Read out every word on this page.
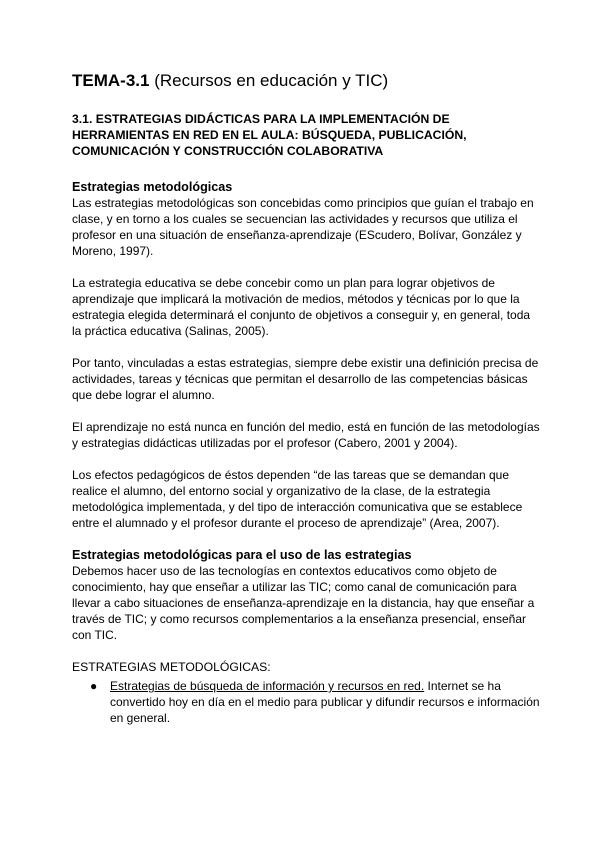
TEMA-3.1 (Recursos en educación y TIC)

3.1. ESTRATEGIAS DIDÁCTICAS PARA LA IMPLEMENTACIÓN DE HERRAMIENTAS EN RED EN EL AULA: BÚSQUEDA, PUBLICACIÓN, COMUNICACIÓN Y CONSTRUCCIÓN COLABORATIVA

Estrategias metodológicas

Las estrategias metodológicas son concebidas como principios que guían el trabajo en clase, y en torno a los cuales se secuencian las actividades y recursos que utiliza el profesor en una situación de enseñanza-aprendizaje (EScudero, Bolívar, González y Moreno, 1997).

La estrategia educativa se debe concebir como un plan para lograr objetivos de aprendizaje que implicará la motivación de medios, métodos y técnicas por lo que la estrategia elegida determinará el conjunto de objetivos a conseguir y, en general, toda la práctica educativa (Salinas, 2005).

Por tanto, vinculadas a estas estrategias, siempre debe existir una definición precisa de actividades, tareas y técnicas que permitan el desarrollo de las competencias básicas que debe lograr el alumno.

El aprendizaje no está nunca en función del medio, está en función de las metodologías y estrategias didácticas utilizadas por el profesor (Cabero, 2001 y 2004).

Los efectos pedagógicos de éstos dependen “de las tareas que se demandan que realice el alumno, del entorno social y organizativo de la clase, de la estrategia metodológica implementada, y del tipo de interacción comunicativa que se establece entre el alumnado y el profesor durante el proceso de aprendizaje” (Area, 2007).

Estrategias metodológicas para el uso de las estrategias

Debemos hacer uso de las tecnologías en contextos educativos como objeto de conocimiento, hay que enseñar a utilizar las TIC; como canal de comunicación para llevar a cabo situaciones de enseñanza-aprendizaje en la distancia, hay que enseñar a través de TIC; y como recursos complementarios a la enseñanza presencial, enseñar con TIC.

ESTRATEGIAS METODOLÓGICAS:

● Estrategias de búsqueda de información y recursos en red. Internet se ha convertido hoy en día en el medio para publicar y difundir recursos e información en general.
